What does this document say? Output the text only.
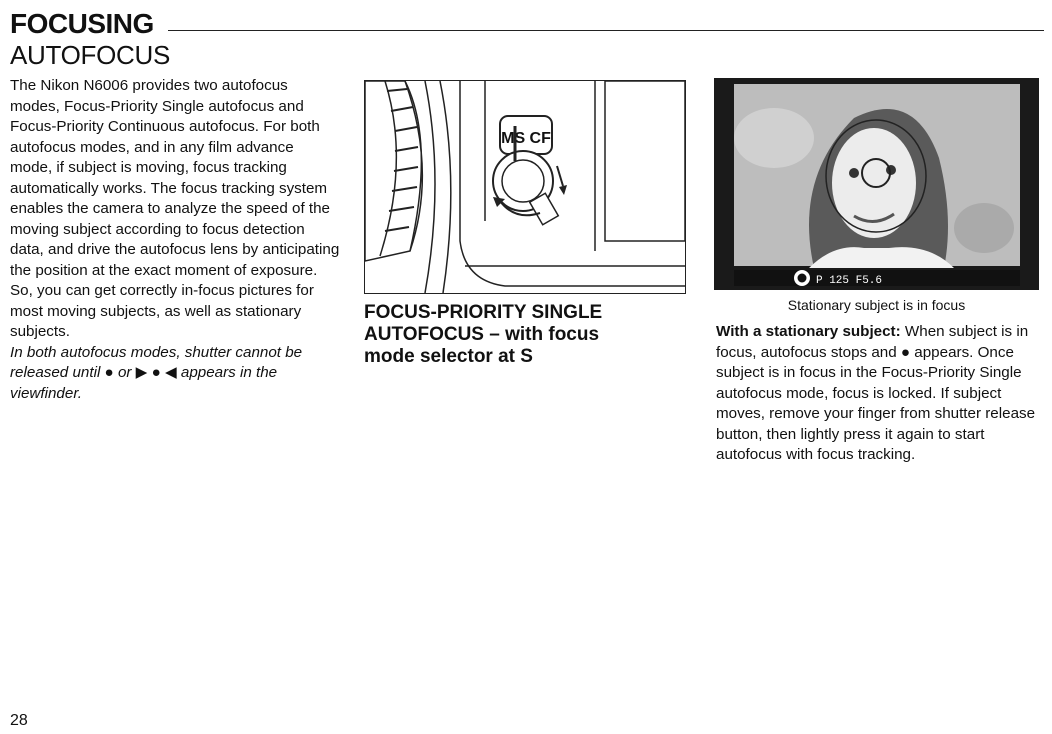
FOCUSING
AUTOFOCUS

The Nikon N6006 provides two autofocus modes, Focus-Priority Single autofocus and Focus-Priority Continuous autofocus. For both autofocus modes, and in any film advance mode, if subject is moving, focus tracking automatically works. The focus tracking system enables the camera to analyze the speed of the moving subject according to focus detection data, and drive the autofocus lens by anticipating the position at the exact moment of exposure. So, you can get correctly in-focus pictures for most moving subjects, as well as stationary subjects.

In both autofocus modes, shutter cannot be released until ● or ▶ ● ◀ appears in the viewfinder.

MS CF
FOCUS-PRIORITY SINGLE
AUTOFOCUS – with focus
mode selector at S
P 125 F5.6
Stationary subject is in focus
With a stationary subject: When subject is in focus, autofocus stops and ● appears. Once subject is in focus in the Focus-Priority Single autofocus mode, focus is locked. If subject moves, remove your finger from shutter release button, then lightly press it again to start autofocus with focus tracking.
28
